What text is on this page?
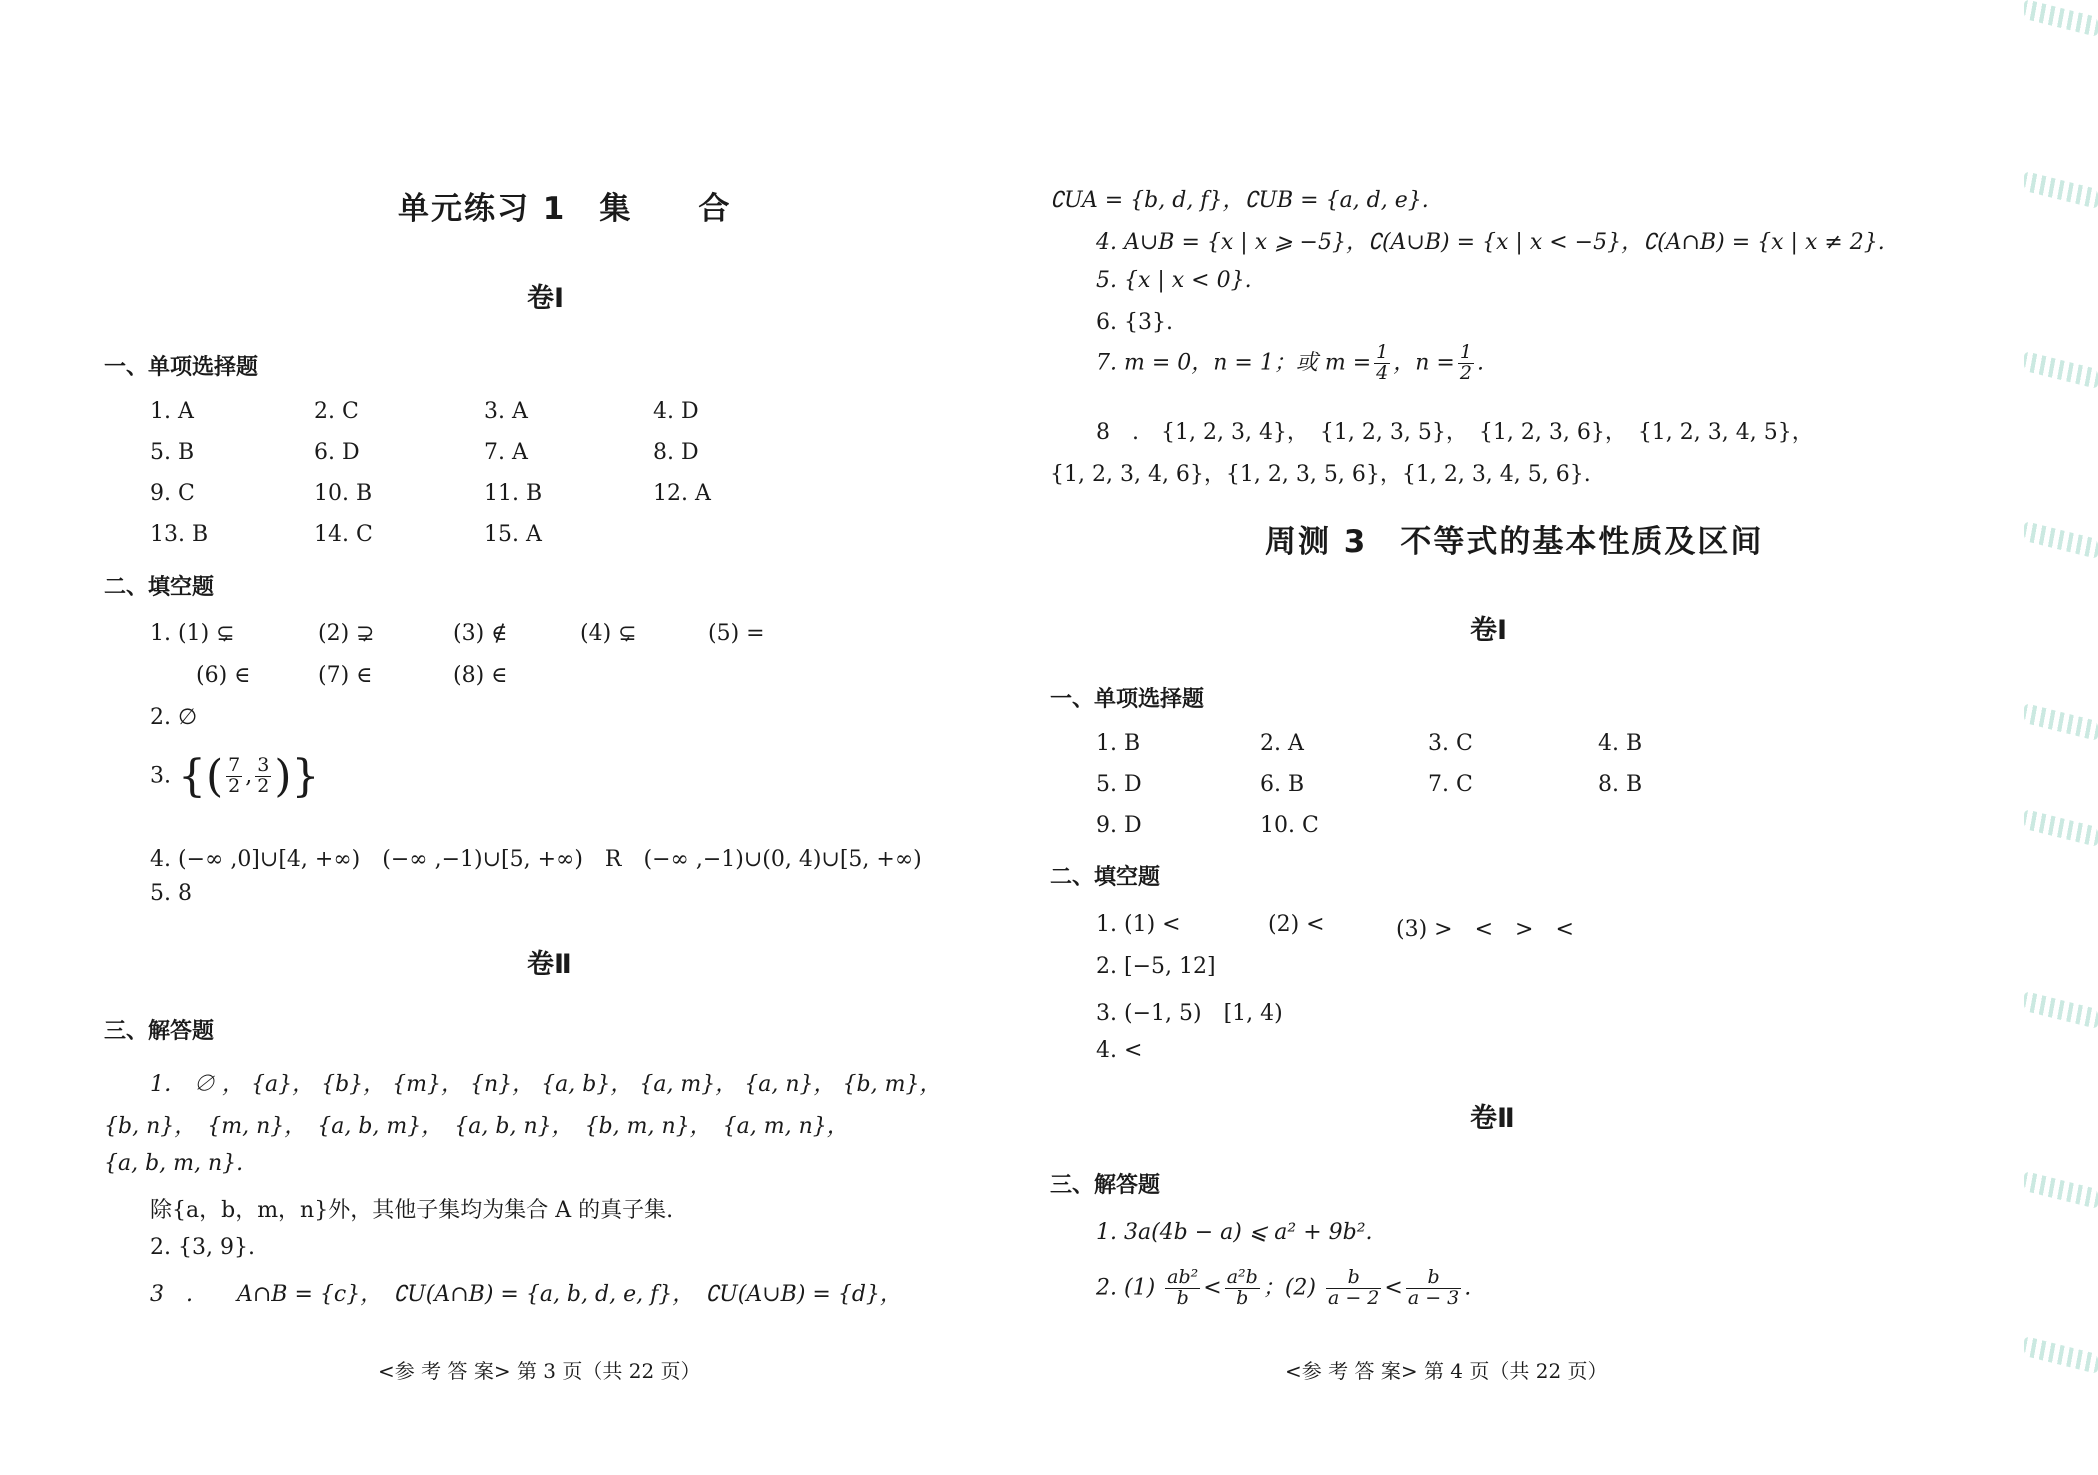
单元练习 1　集　　合
卷Ⅰ
一、单项选择题
1. A	2. C	3. A	4. D
5. B	6. D	7. A	8. D
9. C	10. B	11. B	12. A
13. B	14. C	15. A
二、填空题
1. (1) ⊊	(2) ⊋	(3) ∉	(4) ⊊	(5) =
(6) ∈	(7) ∈	(8) ∈
2. ∅
3. {( $\frac{7}{2}$ , $\frac{3}{2}$ )}
4. (−∞ ,0]∪[4, +∞)　(−∞ ,−1)∪[5, +∞)　R　(−∞ ,−1)∪(0, 4)∪[5, +∞)
5. 8
卷Ⅱ
三、解答题
1． ∅ ， {a}， {b}， {m}， {n}， {a, b}， {a, m}， {a, n}， {b, m}，
{b, n}，　{m, n}，　{a, b, m}，　{a, b, n}，　{b, m, n}，　{a, m, n}，
{a, b, m, n}.
除{a，b，m，n}外，其他子集均为集合 A 的真子集.
2. {3, 9}.
3　.　　A∩B = {c}，　∁U(A∩B) = {a, b, d, e, f}，　∁U(A∪B) = {d}，
<参 考 答 案> 第 3 页（共 22 页）
∁UA = {b, d, f}，∁UB = {a, d, e}.
4. A∪B = {x | x ⩾ −5}，∁(A∪B) = {x | x < −5}，∁(A∩B) = {x | x ≠ 2}.
5. {x | x < 0}.
6. {3}.
7. m = 0，n = 1；或 $m = \frac{1}{4}$ ，$n = \frac{1}{2}$ .
8　.　{1, 2, 3, 4}，　{1, 2, 3, 5}，　{1, 2, 3, 6}，　{1, 2, 3, 4, 5}，
{1, 2, 3, 4, 6}，{1, 2, 3, 5, 6}，{1, 2, 3, 4, 5, 6}.
周测 3　不等式的基本性质及区间
卷Ⅰ
一、单项选择题
1. B	2. A	3. C	4. B
5. D	6. B	7. C	8. B
9. D	10. C
二、填空题
1. (1) <	(2) <	(3) >　<　>　<
2. [−5, 12]
3. (−1, 5)　[1, 4)
4. <
卷Ⅱ
三、解答题
1. 3a(4b − a) ⩽ a² + 9b².
2. $(1) \frac{\text{ab²}}{b} < \frac{\text{a²b}}{b}$ ；$(2) \frac{b}{a - 2} < \frac{b}{a - 3}$ .
<参 考 答 案> 第 4 页（共 22 页）
